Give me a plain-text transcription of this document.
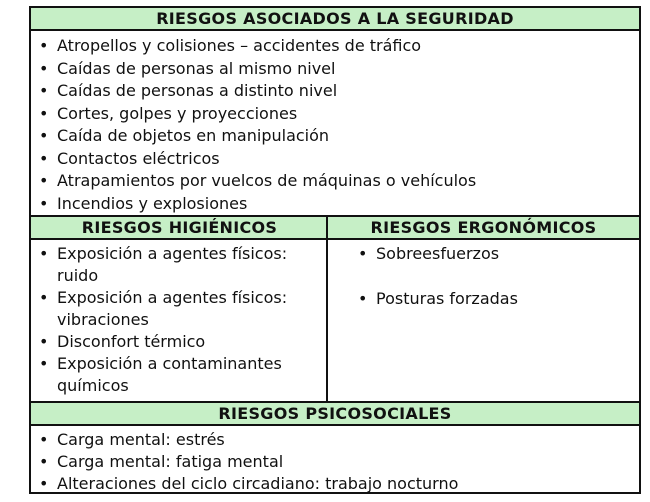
RIESGOS ASOCIADOS A LA SEGURIDAD
• Atropellos y colisiones – accidentes de tráfico
• Caídas de personas al mismo nivel
• Caídas de personas a distinto nivel
• Cortes, golpes y proyecciones
• Caída de objetos en manipulación
• Contactos eléctricos
• Atrapamientos por vuelcos de máquinas o vehículos
• Incendios y explosiones
RIESGOS HIGIÉNICOS	RIESGOS ERGONÓMICOS
• Exposición a agentes físicos: ruido
• Exposición a agentes físicos: vibraciones
• Disconfort térmico
• Exposición a contaminantes químicos
• Sobreesfuerzos
• Posturas forzadas
RIESGOS PSICOSOCIALES
• Carga mental: estrés
• Carga mental: fatiga mental
• Alteraciones del ciclo circadiano: trabajo nocturno
